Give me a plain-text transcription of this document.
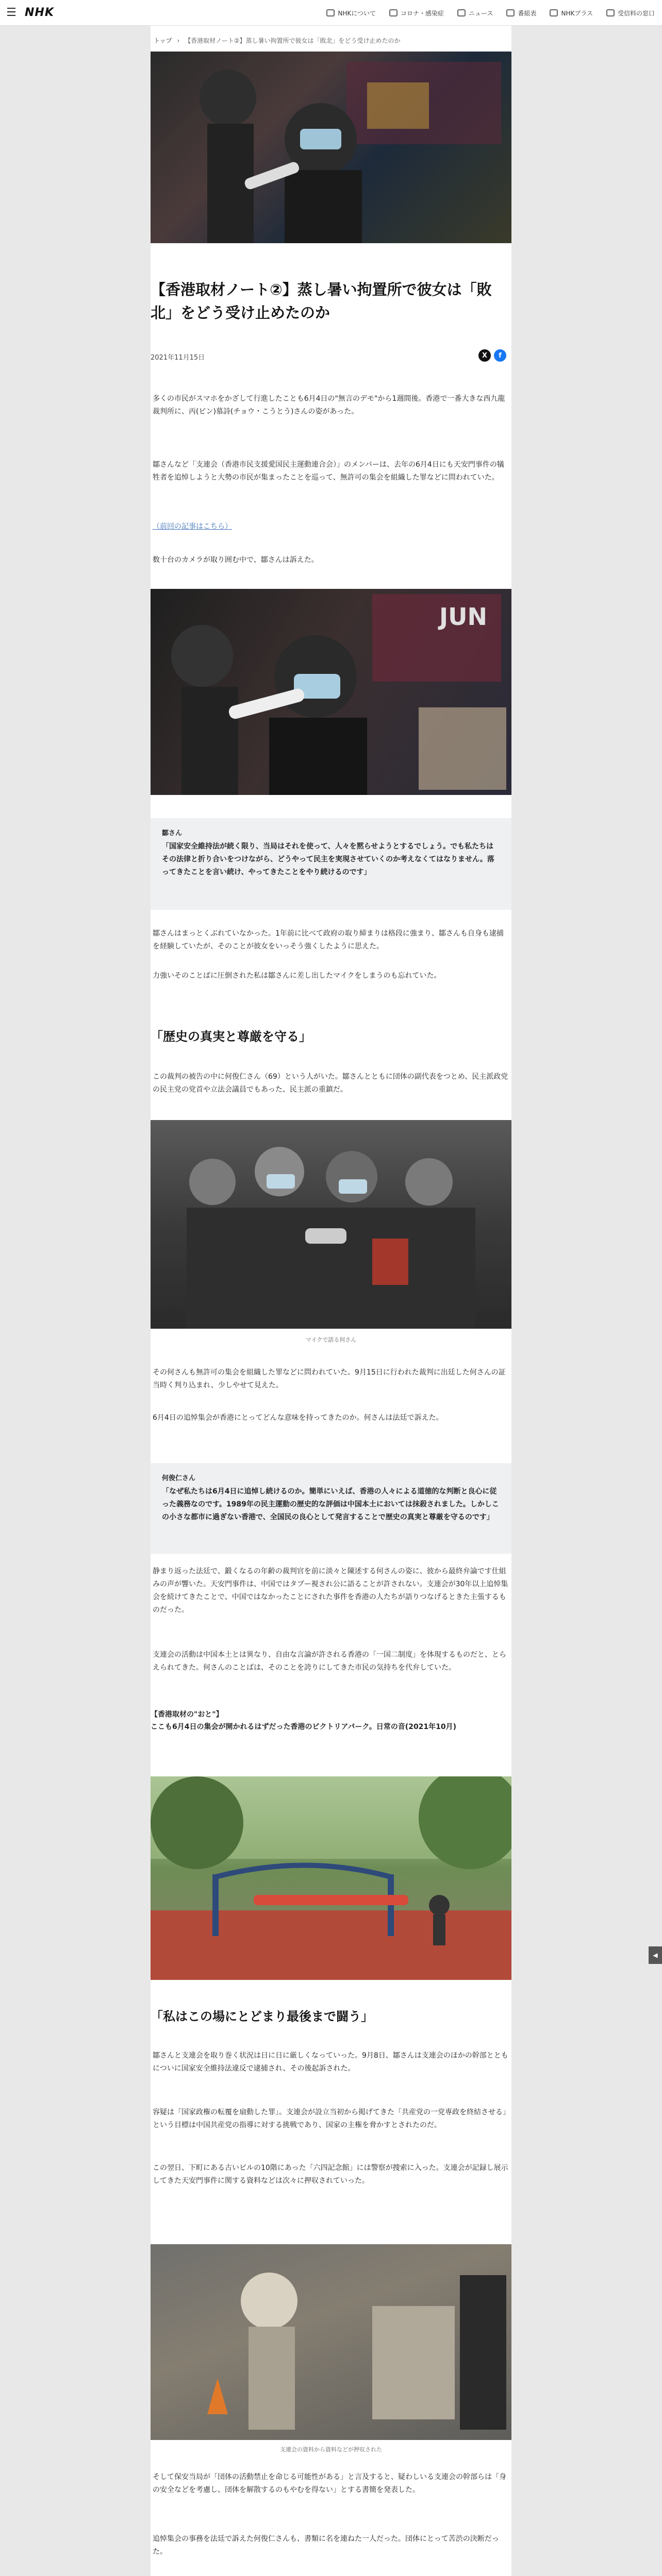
☰ NHK	NHKについて	コロナ・感染症	ニュース	番組表	NHKプラス	受信料の窓口
トップ › 【香港取材ノート②】蒸し暑い拘置所で彼女は「敗北」をどう受け止めたのか
【香港取材ノート②】蒸し暑い拘置所で彼女は「敗北」をどう受け止めたのか
2021年11月15日	X	f
多くの市民がスマホをかざして行進したことも6月4日の"無言のデモ"から1週間後。香港で一番大きな西九龍裁判所に、丙(ビン)慕詩(チョウ・こうとう)さんの姿があった。
鄒さんなど「支連会（香港市民支援愛国民主運動連合会）」のメンバーは、去年の6月4日にも天安門事件の犠牲者を追悼しようと大勢の市民が集まったことを巡って、無許可の集会を組織した罪などに問われていた。
（前回の記事はこちら）
数十台のカメラが取り囲む中で、鄒さんは訴えた。
JUN
鄒さん
「国家安全維持法が続く限り、当局はそれを使って、人々を黙らせようとするでしょう。でも私たちはその法律と折り合いをつけながら、どうやって民主を実現させていくのか考えなくてはなりません。落ってきたことを言い続け、やってきたことをやり続けるのです」
鄒さんはまっとくぶれていなかった。1年前に比べて政府の取り締まりは格段に強まり、鄒さんも自身も逮捕を経験していたが、そのことが彼女をいっそう強くしたように思えた。
力強いそのことばに圧倒された私は鄒さんに差し出したマイクをしまうのも忘れていた。
「歴史の真実と尊厳を守る」
この裁判の被告の中に何俊仁さん（69）という人がいた。鄒さんとともに団体の副代表をつとめ、民主派政党の民主党の党首や立法会議員でもあった、民主派の重鎮だ。
マイクで語る何さん
その何さんも無許可の集会を組織した罪などに問われていた。9月15日に行われた裁判に出廷した何さんの証当時く判り込まれ、少しやせて見えた。
6月4日の追悼集会が香港にとってどんな意味を持ってきたのか。何さんは法廷で訴えた。
何俊仁さん
「なぜ私たちは6月4日に追悼し続けるのか。簡単にいえば、香港の人々による道徳的な判断と良心に従った義務なのです。1989年の民主運動の歴史的な評価は中国本土においては抹殺されました。しかしこの小さな都市に過ぎない香港で、全国民の良心として発言することで歴史の真実と尊厳を守るのです」
静まり返った法廷で、鍛くなるの年齢の裁判官を前に淡々と陳述する何さんの姿に、彼から最終弁論です仕組みの声が響いた。天安門事件は、中国ではタブー視され公に語ることが許されない。支連会が30年以上追悼集会を続けてきたことで、中国ではなかったことにされた事件を香港の人たちが語りつなげるときた主張するものだった。
支連会の活動は中国本土とは異なり、自由な言論が許される香港の「一国二制度」を体現するものだと、とらえられてきた。何さんのことばは、そのことを誇りにしてきた市民の気持ちを代弁していた。
【香港取材の"おと"】
ここも6月4日の集会が開かれるはずだった香港のビクトリアパーク。日常の音(2021年10月)
「私はこの場にとどまり最後まで闘う」
鄒さんと支連会を取り巻く状況は日に日に厳しくなっていった。9月8日、鄒さんは支連会のほかの幹部とともについに国家安全維持法違反で逮捕され、その後起訴された。
容疑は「国家政権の転覆を扇動した罪」。支連会が設立当初から掲げてきた「共産党の一党専政を終結させる」という目標は中国共産党の指導に対する挑戦であり、国家の主権を脅かすとされたのだ。
この翌日、下町にある古いビルの10階にあった「六四記念館」には警察が捜索に入った。支連会が記録し展示してきた天安門事件に関する資料などは次々に押収されていった。
支連会の資料から資料などが押収された
そして保安当局が「団体の活動禁止を命じる可能性がある」と言及すると、疑わしいる支連会の幹部らは「身の安全などを考慮し、団体を解散するのもやむを得ない」とする書簡を発表した。
追悼集会の事務を法廷で訴えた何俊仁さんも、書類に名を連ねた一人だった。団体にとって苦渋の決断だった。
◀
